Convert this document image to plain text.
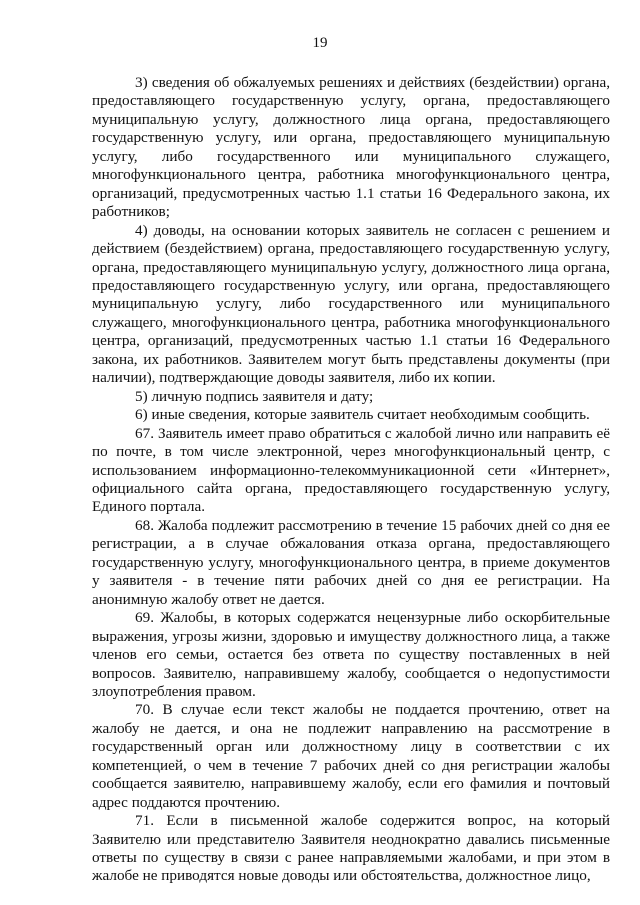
19

3) сведения об обжалуемых решениях и действиях (бездействии) органа, предоставляющего государственную услугу, органа, предоставляющего муниципальную услугу, должностного лица органа, предоставляющего государственную услугу, или органа, предоставляющего муниципальную услугу, либо государственного или муниципального служащего, многофункционального центра, работника многофункционального центра, организаций, предусмотренных частью 1.1 статьи 16 Федерального закона, их работников;

4) доводы, на основании которых заявитель не согласен с решением и действием (бездействием) органа, предоставляющего государственную услугу, органа, предоставляющего муниципальную услугу, должностного лица органа, предоставляющего государственную услугу, или органа, предоставляющего муниципальную услугу, либо государственного или муниципального служащего, многофункционального центра, работника многофункционального центра, организаций, предусмотренных частью 1.1 статьи 16 Федерального закона, их работников. Заявителем могут быть представлены документы (при наличии), подтверждающие доводы заявителя, либо их копии.

5) личную подпись заявителя и дату;

6) иные сведения, которые заявитель считает необходимым сообщить.

67. Заявитель имеет право обратиться с жалобой лично или направить её по почте, в том числе электронной, через многофункциональный центр, с использованием информационно-телекоммуникационной сети «Интернет», официального сайта органа, предоставляющего государственную услугу, Единого портала.

68. Жалоба подлежит рассмотрению в течение 15 рабочих дней со дня ее регистрации, а в случае обжалования отказа органа, предоставляющего государственную услугу, многофункционального центра, в приеме документов у заявителя - в течение пяти рабочих дней со дня ее регистрации. На анонимную жалобу ответ не дается.

69. Жалобы, в которых содержатся нецензурные либо оскорбительные выражения, угрозы жизни, здоровью и имуществу должностного лица, а также членов его семьи, остается без ответа по существу поставленных в ней вопросов. Заявителю, направившему жалобу, сообщается о недопустимости злоупотребления правом.

70. В случае если текст жалобы не поддается прочтению, ответ на жалобу не дается, и она не подлежит направлению на рассмотрение в государственный орган или должностному лицу в соответствии с их компетенцией, о чем в течение 7 рабочих дней со дня регистрации жалобы сообщается заявителю, направившему жалобу, если его фамилия и почтовый адрес поддаются прочтению.

71. Если в письменной жалобе содержится вопрос, на который Заявителю или представителю Заявителя неоднократно давались письменные ответы по существу в связи с ранее направляемыми жалобами, и при этом в жалобе не приводятся новые доводы или обстоятельства, должностное лицо,
